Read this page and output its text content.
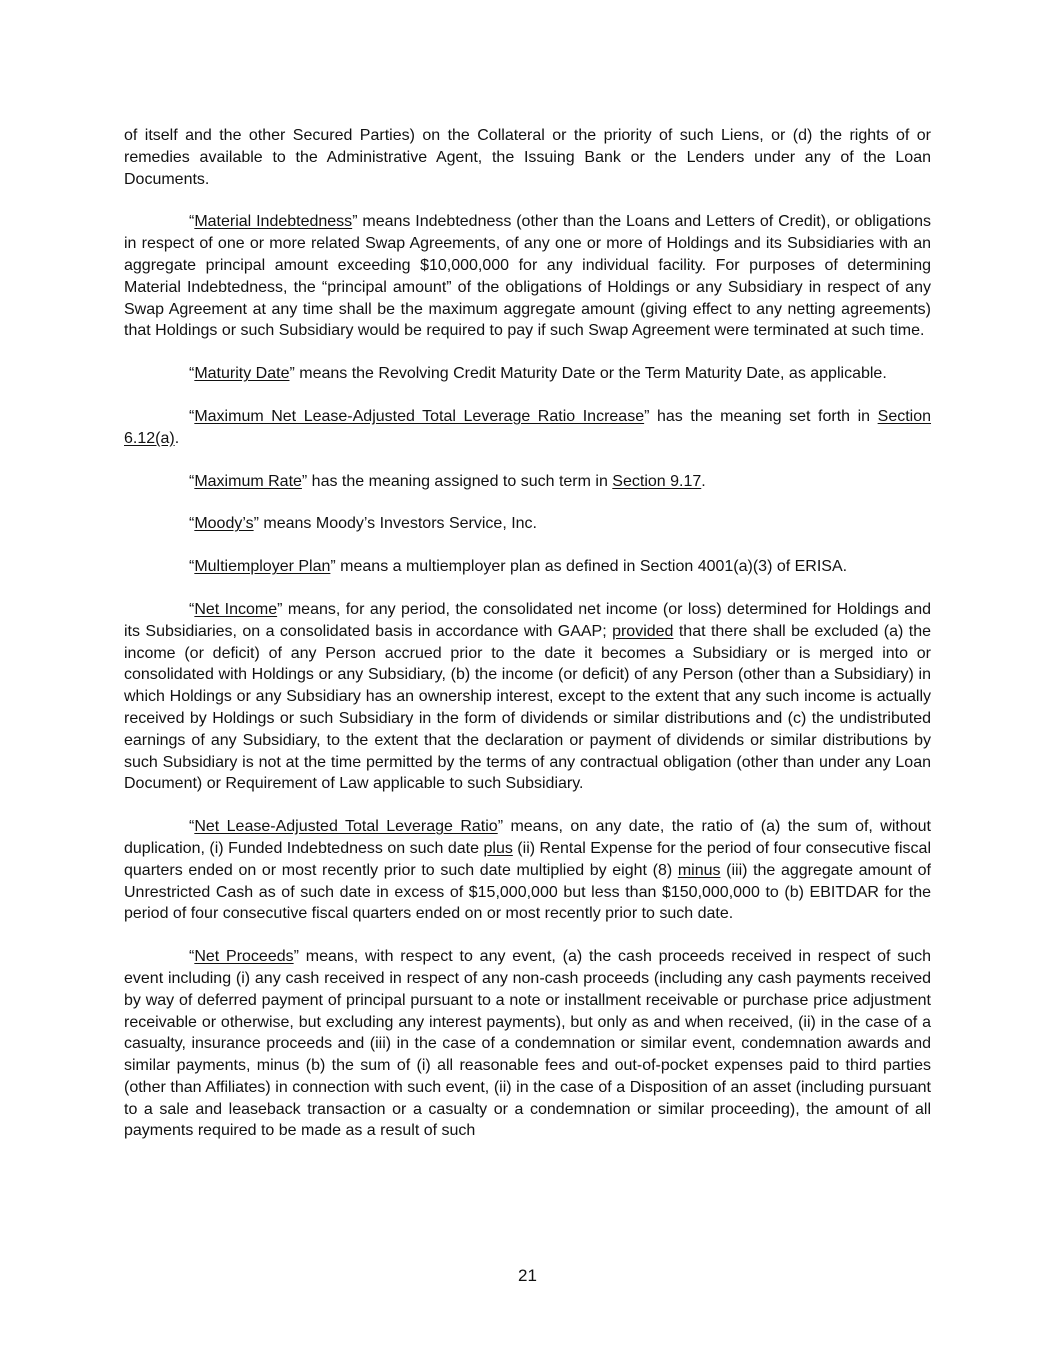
of itself and the other Secured Parties) on the Collateral or the priority of such Liens, or (d) the rights of or remedies available to the Administrative Agent, the Issuing Bank or the Lenders under any of the Loan Documents.

“Material Indebtedness” means Indebtedness (other than the Loans and Letters of Credit), or obligations in respect of one or more related Swap Agreements, of any one or more of Holdings and its Subsidiaries with an aggregate principal amount exceeding $10,000,000 for any individual facility. For purposes of determining Material Indebtedness, the “principal amount” of the obligations of Holdings or any Subsidiary in respect of any Swap Agreement at any time shall be the maximum aggregate amount (giving effect to any netting agreements) that Holdings or such Subsidiary would be required to pay if such Swap Agreement were terminated at such time.

“Maturity Date” means the Revolving Credit Maturity Date or the Term Maturity Date, as applicable.

“Maximum Net Lease-Adjusted Total Leverage Ratio Increase” has the meaning set forth in Section 6.12(a).

“Maximum Rate” has the meaning assigned to such term in Section 9.17.

“Moody’s” means Moody’s Investors Service, Inc.

“Multiemployer Plan” means a multiemployer plan as defined in Section 4001(a)(3) of ERISA.

“Net Income” means, for any period, the consolidated net income (or loss) determined for Holdings and its Subsidiaries, on a consolidated basis in accordance with GAAP; provided that there shall be excluded (a) the income (or deficit) of any Person accrued prior to the date it becomes a Subsidiary or is merged into or consolidated with Holdings or any Subsidiary, (b) the income (or deficit) of any Person (other than a Subsidiary) in which Holdings or any Subsidiary has an ownership interest, except to the extent that any such income is actually received by Holdings or such Subsidiary in the form of dividends or similar distributions and (c) the undistributed earnings of any Subsidiary, to the extent that the declaration or payment of dividends or similar distributions by such Subsidiary is not at the time permitted by the terms of any contractual obligation (other than under any Loan Document) or Requirement of Law applicable to such Subsidiary.

“Net Lease-Adjusted Total Leverage Ratio” means, on any date, the ratio of (a) the sum of, without duplication, (i) Funded Indebtedness on such date plus (ii) Rental Expense for the period of four consecutive fiscal quarters ended on or most recently prior to such date multiplied by eight (8) minus (iii) the aggregate amount of Unrestricted Cash as of such date in excess of $15,000,000 but less than $150,000,000 to (b) EBITDAR for the period of four consecutive fiscal quarters ended on or most recently prior to such date.

“Net Proceeds” means, with respect to any event, (a) the cash proceeds received in respect of such event including (i) any cash received in respect of any non-cash proceeds (including any cash payments received by way of deferred payment of principal pursuant to a note or installment receivable or purchase price adjustment receivable or otherwise, but excluding any interest payments), but only as and when received, (ii) in the case of a casualty, insurance proceeds and (iii) in the case of a condemnation or similar event, condemnation awards and similar payments, minus (b) the sum of (i) all reasonable fees and out-of-pocket expenses paid to third parties (other than Affiliates) in connection with such event, (ii) in the case of a Disposition of an asset (including pursuant to a sale and leaseback transaction or a casualty or a condemnation or similar proceeding), the amount of all payments required to be made as a result of such

21
